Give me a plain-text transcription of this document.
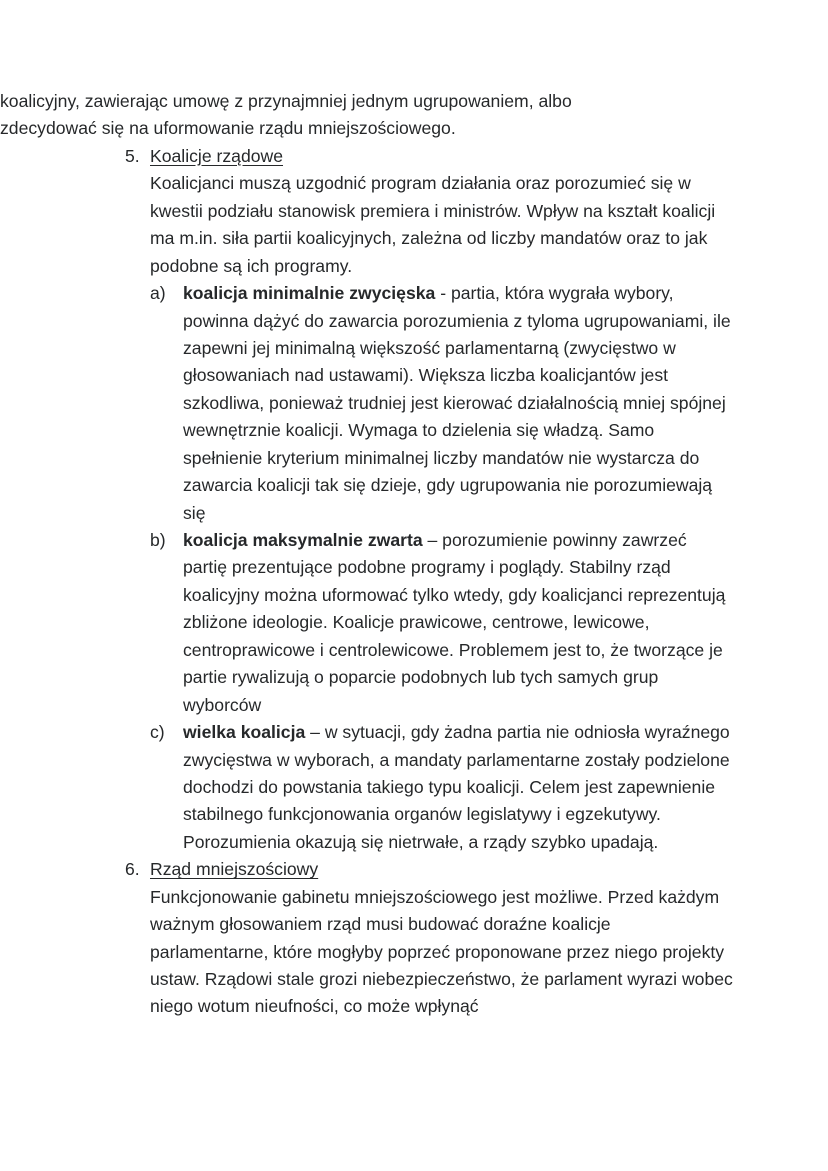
koalicyjny, zawierając umowę z przynajmniej jednym ugrupowaniem, albo zdecydować się na uformowanie rządu mniejszościowego.

5. Koalicje rządowe
Koalicjanci muszą uzgodnić program działania oraz porozumieć się w kwestii podziału stanowisk premiera i ministrów. Wpływ na kształt koalicji ma m.in. siła partii koalicyjnych, zależna od liczby mandatów oraz to jak podobne są ich programy.
a) koalicja minimalnie zwycięska - partia, która wygrała wybory, powinna dążyć do zawarcia porozumienia z tyloma ugrupowaniami, ile zapewni jej minimalną większość parlamentarną (zwycięstwo w głosowaniach nad ustawami). Większa liczba koalicjantów jest szkodliwa, ponieważ trudniej jest kierować działalnością mniej spójnej wewnętrznie koalicji. Wymaga to dzielenia się władzą. Samo spełnienie kryterium minimalnej liczby mandatów nie wystarcza do zawarcia koalicji tak się dzieje, gdy ugrupowania nie porozumiewają się
b) koalicja maksymalnie zwarta – porozumienie powinny zawrzeć partię prezentujące podobne programy i poglądy. Stabilny rząd koalicyjny można uformować tylko wtedy, gdy koalicjanci reprezentują zbliżone ideologie. Koalicje prawicowe, centrowe, lewicowe, centroprawicowe i centrolewicowe. Problemem jest to, że tworzące je partie rywalizują o poparcie podobnych lub tych samych grup wyborców
c)	wielka koalicja – w sytuacji, gdy żadna partia nie odniosła wyraźnego zwycięstwa w wyborach, a mandaty parlamentarne zostały podzielone dochodzi do powstania takiego typu koalicji. Celem jest zapewnienie stabilnego funkcjonowania organów legislatywy i egzekutywy. Porozumienia okazują się nietrwałe, a rządy szybko upadają.
6. Rząd mniejszościowy
Funkcjonowanie gabinetu mniejszościowego jest możliwe. Przed każdym ważnym głosowaniem rząd musi budować doraźne koalicje parlamentarne, które mogłyby poprzeć proponowane przez niego projekty ustaw. Rządowi stale grozi niebezpieczeństwo, że parlament wyrazi wobec niego wotum nieufności, co może wpłynąć
